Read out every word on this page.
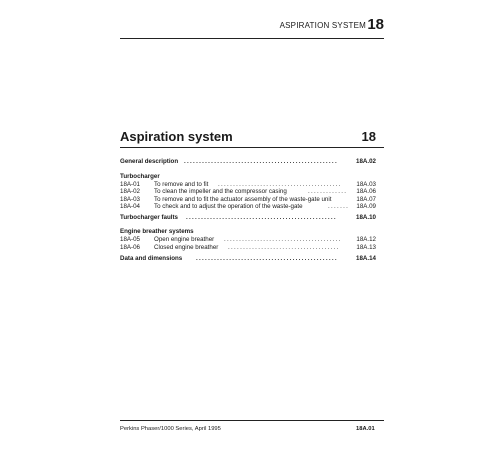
ASPIRATION SYSTEM 18
Aspiration system	18
General description ...................................................	18A.02
Turbocharger
18A-01 To remove and to fit .........................................	18A.03
18A-02 To clean the impeller and the compressor casing	.............	18A.06
18A-03 To remove and to fit the actuator assembly of the waste-gate unit	18A.07
18A-04 To check and to adjust the operation of the waste-gate	.......	18A.09
Turbocharger faults ..................................................	18A.10
Engine breather systems
18A-05 Open engine breather .......................................	18A.12
18A-06 Closed engine breather .....................................	18A.13
Data and dimensions ...............................................	18A.14
Perkins Phaser/1000 Series, April 1995	18A.01
